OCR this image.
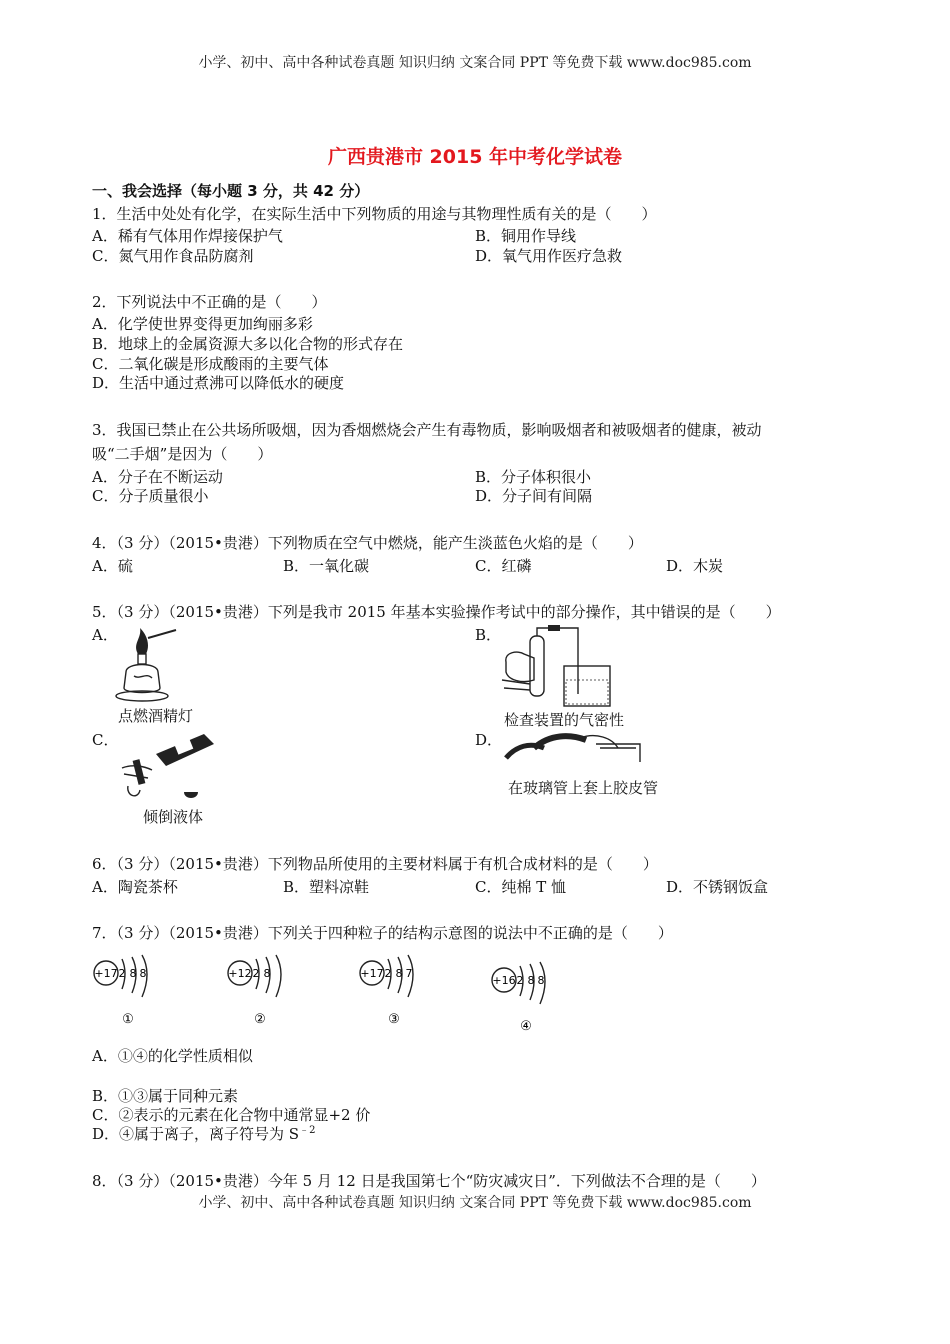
小学、初中、高中各种试卷真题 知识归纳 文案合同 PPT 等免费下载 www.doc985.com
广西贵港市 2015 年中考化学试卷
一、我会选择（每小题 3 分，共 42 分）
1．生活中处处有化学，在实际生活中下列物质的用途与其物理性质有关的是（　　）
A．稀有气体用作焊接保护气	B．铜用作导线
C．氮气用作食品防腐剂	D．氧气用作医疗急救
2．下列说法中不正确的是（　　）
A．化学使世界变得更加绚丽多彩
B．地球上的金属资源大多以化合物的形式存在
C．二氧化碳是形成酸雨的主要气体
D．生活中通过煮沸可以降低水的硬度
3．我国已禁止在公共场所吸烟，因为香烟燃烧会产生有毒物质，影响吸烟者和被吸烟者的健康，被动
吸“二手烟”是因为（　　）
A．分子在不断运动	B．分子体积很小
C．分子质量很小	D．分子间有间隔
4．（3 分）（2015•贵港）下列物质在空气中燃烧，能产生淡蓝色火焰的是（　　）
A．硫	B．一氧化碳	C．红磷	D．木炭
5．（3 分）（2015•贵港）下列是我市 2015 年基本实验操作考试中的部分操作，其中错误的是（　　）
A．	B．
点燃酒精灯	检查装置的气密性
C．	D．
倾倒液体
在玻璃管上套上胶皮管
6．（3 分）（2015•贵港）下列物品所使用的主要材料属于有机合成材料的是（　　）
A．陶瓷茶杯	B．塑料凉鞋	C．纯棉 T 恤	D．不锈钢饭盒
7．（3 分）（2015•贵港）下列关于四种粒子的结构示意图的说法中不正确的是（　　）
+17 2 8 8
①
+12 2 8
②
+17 2 8 7
③
+16 2 8 8
④
A．①④的化学性质相似
B．①③属于同种元素
C．②表示的元素在化合物中通常显+2 价
D．④属于离子，离子符号为 $S^{﹣2}$
8．（3 分）（2015•贵港）今年 5 月 12 日是我国第七个“防灾减灾日”．下列做法不合理的是（　　）
小学、初中、高中各种试卷真题 知识归纳 文案合同 PPT 等免费下载 www.doc985.com
